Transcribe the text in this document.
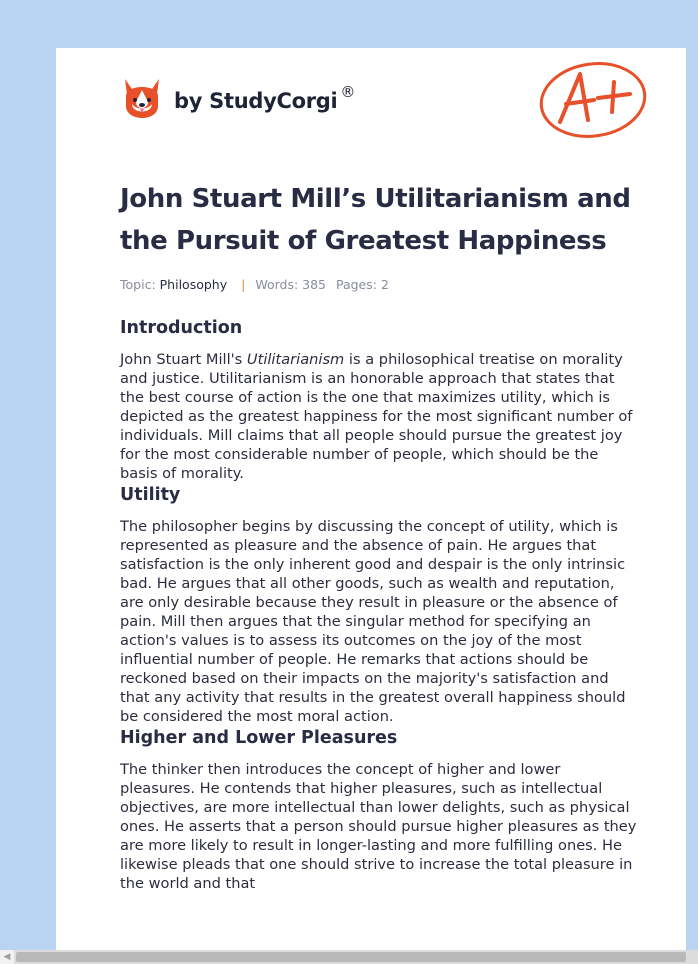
by StudyCorgi ®
John Stuart Mill’s Utilitarianism and the Pursuit of Greatest Happiness
Topic: Philosophy | Words: 385 Pages: 2
Introduction

John Stuart Mill's Utilitarianism is a philosophical treatise on morality and justice. Utilitarianism is an honorable approach that states that the best course of action is the one that maximizes utility, which is depicted as the greatest happiness for the most significant number of individuals. Mill claims that all people should pursue the greatest joy for the most considerable number of people, which should be the basis of morality.

Utility

The philosopher begins by discussing the concept of utility, which is represented as pleasure and the absence of pain. He argues that satisfaction is the only inherent good and despair is the only intrinsic bad. He argues that all other goods, such as wealth and reputation, are only desirable because they result in pleasure or the absence of pain. Mill then argues that the singular method for specifying an action's values is to assess its outcomes on the joy of the most influential number of people. He remarks that actions should be reckoned based on their impacts on the majority's satisfaction and that any activity that results in the greatest overall happiness should be considered the most moral action.

Higher and Lower Pleasures

The thinker then introduces the concept of higher and lower pleasures. He contends that higher pleasures, such as intellectual objectives, are more intellectual than lower delights, such as physical ones. He asserts that a person should pursue higher pleasures as they are more likely to result in longer-lasting and more fulfilling ones. He likewise pleads that one should strive to increase the total pleasure in the world and that

◀
